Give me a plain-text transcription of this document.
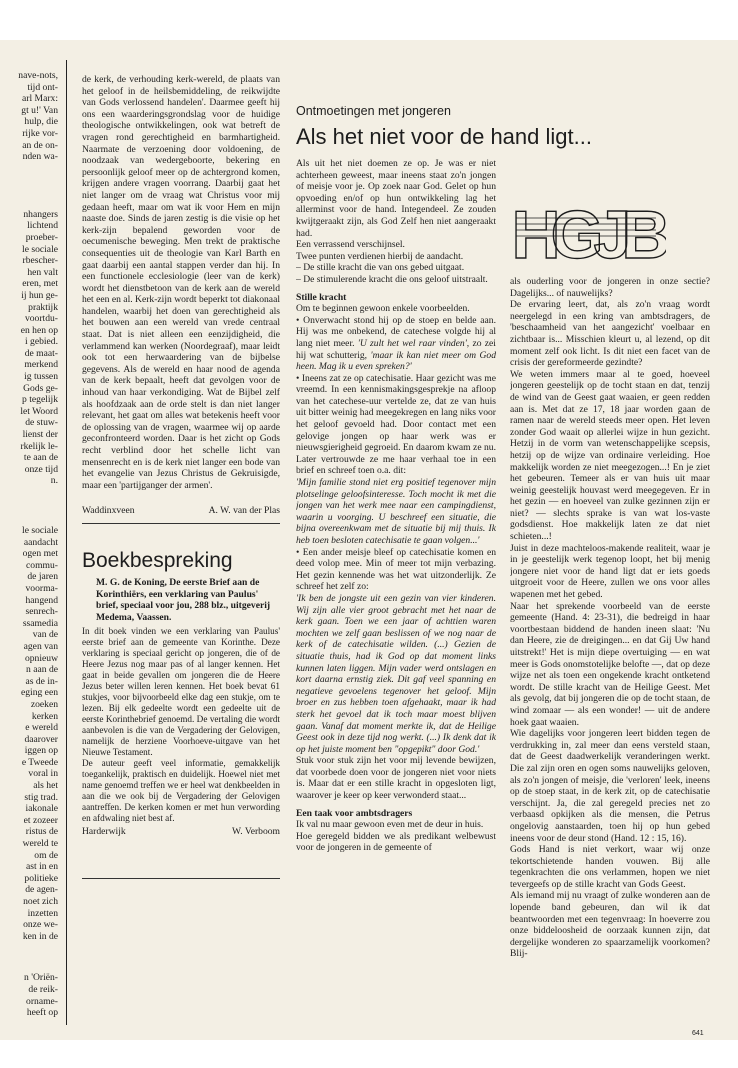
nave-nots,
tijd ont-
arl Marx:
gt u!' Van
hulp, die
rijke vor-
an de on-
nden wa-
nhangers
lichtend
proeber-
le sociale
rbescher-
hen valt
eren, met
ij hun ge-
praktijk
voortdu-
en hen op
i gebied.
de maat-
merkend
ig tussen
Gods ge-
p tegelijk
let Woord
de stuw-
lienst der
rkelijk le-
te aan de
onze tijd
n.
le sociale
aandacht
ogen met
commu-
de jaren
voorma-
hangend
senrech-
ssamedia
van de
agen van
opnieuw
n aan de
as de in-
eging een
zoeken
kerken
e wereld
daarover
iggen op
e Tweede
voral in
als het
stig trad.
iakonale
et zozeer
ristus de
wereld te
om de
ast in en
politieke
de agen-
noet zich
inzetten
onze we-
ken in de
n 'Oriën-
de reik-
orname-
heeft op

de kerk, de verhouding kerk-wereld, de plaats van het geloof in de heilsbemiddeling, de reikwijdte van Gods verlossend handelen'. Daarmee geeft hij ons een waarderingsgrondslag voor de huidige theologische ontwikkelingen, ook wat betreft de vragen rond gerechtigheid en barmhartigheid. Naarmate de verzoening door voldoening, de noodzaak van wedergeboorte, bekering en persoonlijk geloof meer op de achtergrond komen, krijgen andere vragen voorrang. Daarbij gaat het niet langer om de vraag wat Christus voor mij gedaan heeft, maar om wat ik voor Hem en mijn naaste doe. Sinds de jaren zestig is die visie op het kerk-zijn bepalend geworden voor de oecumenische beweging. Men trekt de praktische consequenties uit de theologie van Karl Barth en gaat daarbij een aantal stappen verder dan hij. In een functionele ecclesiologie (leer van de kerk) wordt het dienstbetoon van de kerk aan de wereld het een en al. Kerk-zijn wordt beperkt tot diakonaal handelen, waarbij het doen van gerechtigheid als het bouwen aan een wereld van vrede centraal staat. Dat is niet alleen een eenzijdigheid, die verlammend kan werken (Noordegraaf), maar leidt ook tot een herwaardering van de bijbelse gegevens. Als de wereld en haar nood de agenda van de kerk bepaalt, heeft dat gevolgen voor de inhoud van haar verkondiging. Wat de Bijbel zelf als hoofdzaak aan de orde stelt is dan niet langer relevant, het gaat om alles wat betekenis heeft voor de oplossing van de vragen, waarmee wij op aarde geconfronteerd worden. Daar is het zicht op Gods recht verblind door het schelle licht van mensenrecht en is de kerk niet langer een bode van het evangelie van Jezus Christus de Gekruisigde, maar een 'partijganger der armen'.

Waddinxveen	A. W. van der Plas
Boekbespreking
M. G. de Koning, De eerste Brief aan de Korinthiërs, een verklaring van Paulus' brief, speciaal voor jou, 288 blz., uitgeverij Medema, Vaassen.

In dit boek vinden we een verklaring van Paulus' eerste brief aan de gemeente van Korinthe. Deze verklaring is speciaal gericht op jongeren, die of de Heere Jezus nog maar pas of al langer kennen. Het gaat in beide gevallen om jongeren die de Heere Jezus beter willen leren kennen. Het boek bevat 61 stukjes, voor bijvoorbeeld elke dag een stukje, om te lezen. Bij elk gedeelte wordt een gedeelte uit de eerste Korinthebrief genoemd. De vertaling die wordt aanbevolen is die van de Vergadering der Gelovigen, namelijk de herziene Voorhoeve-uitgave van het Nieuwe Testament.

De auteur geeft veel informatie, gemakkelijk toegankelijk, praktisch en duidelijk. Hoewel niet met name genoemd treffen we er heel wat denkbeelden in aan die we ook bij de Vergadering der Gelovigen aantreffen. De kerken komen er met hun verwording en afdwaling niet best af.

Harderwijk	W. Verboom
Ontmoetingen met jongeren
Als het niet voor de hand ligt...

Als uit het niet doemen ze op. Je was er niet achterheen geweest, maar ineens staat zo'n jongen of meisje voor je. Op zoek naar God. Gelet op hun opvoeding en/of op hun ontwikkeling lag het allerminst voor de hand. Integendeel. Ze zouden kwijtgeraakt zijn, als God Zelf hen niet aangeraakt had.

Een verrassend verschijnsel.

Twee punten verdienen hierbij de aandacht.

– De stille kracht die van ons gebed uitgaat.

– De stimulerende kracht die ons geloof uitstraalt.

Stille kracht

Om te beginnen gewoon enkele voorbeelden.

• Onverwacht stond hij op de stoep en belde aan. Hij was me onbekend, de catechese volgde hij al lang niet meer. 'U zult het wel raar vinden', zo zei hij wat schutterig, 'maar ik kan niet meer om God heen. Mag ik u even spreken?'

• Ineens zat ze op catechisatie. Haar gezicht was me vreemd. In een kennismakingsgesprekje na afloop van het catechese-uur vertelde ze, dat ze van huis uit bitter weinig had meegekregen en lang niks voor het geloof gevoeld had. Door contact met een gelovige jongen op haar werk was er nieuwsgierigheid gegroeid. En daarom kwam ze nu. Later vertrouwde ze me haar verhaal toe in een brief en schreef toen o.a. dit:

'Mijn familie stond niet erg positief tegenover mijn plotselinge geloofsinteresse. Toch mocht ik met die jongen van het werk mee naar een campingdienst, waarin u voorging. U beschreef een situatie, die bijna overeenkwam met de situatie bij mij thuis. Ik heb toen besloten catechisatie te gaan volgen...'

• Een ander meisje bleef op catechisatie komen en deed volop mee. Min of meer tot mijn verbazing. Het gezin kennende was het wat uitzonderlijk. Ze schreef het zelf zo:

'Ik ben de jongste uit een gezin van vier kinderen. Wij zijn alle vier groot gebracht met het naar de kerk gaan. Toen we een jaar of achttien waren mochten we zelf gaan beslissen of we nog naar de kerk of de catechisatie wilden. (...) Gezien de situatie thuis, had ik God op dat moment links kunnen laten liggen. Mijn vader werd ontslagen en kort daarna ernstig ziek. Dit gaf veel spanning en negatieve gevoelens tegenover het geloof. Mijn broer en zus hebben toen afgehaakt, maar ik had sterk het gevoel dat ik toch maar moest blijven gaan. Vanaf dat moment merkte ik, dat de Heilige Geest ook in deze tijd nog werkt. (...) Ik denk dat ik op het juiste moment ben "opgepikt" door God.'

Stuk voor stuk zijn het voor mij levende bewijzen, dat voorbede doen voor de jongeren niet voor niets is. Maar dat er een stille kracht in opgesloten ligt, waarover je keer op keer verwonderd staat...

Een taak voor ambtsdragers

Ik val nu maar gewoon even met de deur in huis.

Hoe geregeld bidden we als predikant welbewust voor de jongeren in de gemeente of

HGJB

als ouderling voor de jongeren in onze sectie? Dagelijks... of nauwelijks?

De ervaring leert, dat, als zo'n vraag wordt neergelegd in een kring van ambtsdragers, de 'beschaamheid van het aangezicht' voelbaar en zichtbaar is... Misschien kleurt u, al lezend, op dit moment zelf ook licht. Is dit niet een facet van de crisis der gereformeerde gezindte?

We weten immers maar al te goed, hoeveel jongeren geestelijk op de tocht staan en dat, tenzij de wind van de Geest gaat waaien, er geen redden aan is. Met dat ze 17, 18 jaar worden gaan de ramen naar de wereld steeds meer open. Het leven zonder God waait op allerlei wijze in hun gezicht. Hetzij in de vorm van wetenschappelijke scepsis, hetzij op de wijze van ordinaire verleiding. Hoe makkelijk worden ze niet meegezogen...! En je ziet het gebeuren. Temeer als er van huis uit maar weinig geestelijk houvast werd meegegeven. Er in het gezin — en hoeveel van zulke gezinnen zijn er niet? — slechts sprake is van wat los-vaste godsdienst. Hoe makkelijk laten ze dat niet schieten...!

Juist in deze machteloos-makende realiteit, waar je in je geestelijk werk tegenop loopt, het bij menig jongere niet voor de hand ligt dat er iets goeds uitgroeit voor de Heere, zullen we ons voor alles wapenen met het gebed.

Naar het sprekende voorbeeld van de eerste gemeente (Hand. 4: 23-31), die bedreigd in haar voortbestaan biddend de handen ineen slaat: 'Nu dan Heere, zie de dreigingen... en dat Gij Uw hand uitstrekt!' Het is mijn diepe overtuiging — en wat meer is Gods onomstotelijke belofte —, dat op deze wijze net als toen een ongekende kracht ontketend wordt. De stille kracht van de Heilige Geest. Met als gevolg, dat bij jongeren die op de tocht staan, de wind zomaar — als een wonder! — uit de andere hoek gaat waaien.

Wie dagelijks voor jongeren leert bidden tegen de verdrukking in, zal meer dan eens versteld staan, dat de Geest daadwerkelijk veranderingen werkt. Die zal zijn oren en ogen soms nauwelijks geloven, als zo'n jongen of meisje, die 'verloren' leek, ineens op de stoep staat, in de kerk zit, op de catechisatie verschijnt. Ja, die zal geregeld precies net zo verbaasd opkijken als die mensen, die Petrus ongelovig aanstaarden, toen hij op hun gebed ineens voor de deur stond (Hand. 12 : 15, 16).

Gods Hand is niet verkort, waar wij onze tekortschietende handen vouwen. Bij alle tegenkrachten die ons verlammen, hopen we niet tevergeefs op de stille kracht van Gods Geest.

Als iemand mij nu vraagt of zulke wonderen aan de lopende band gebeuren, dan wil ik dat beantwoorden met een tegenvraag: In hoeverre zou onze biddeloosheid de oorzaak kunnen zijn, dat dergelijke wonderen zo spaarzamelijk voorkomen? Blij-

641
